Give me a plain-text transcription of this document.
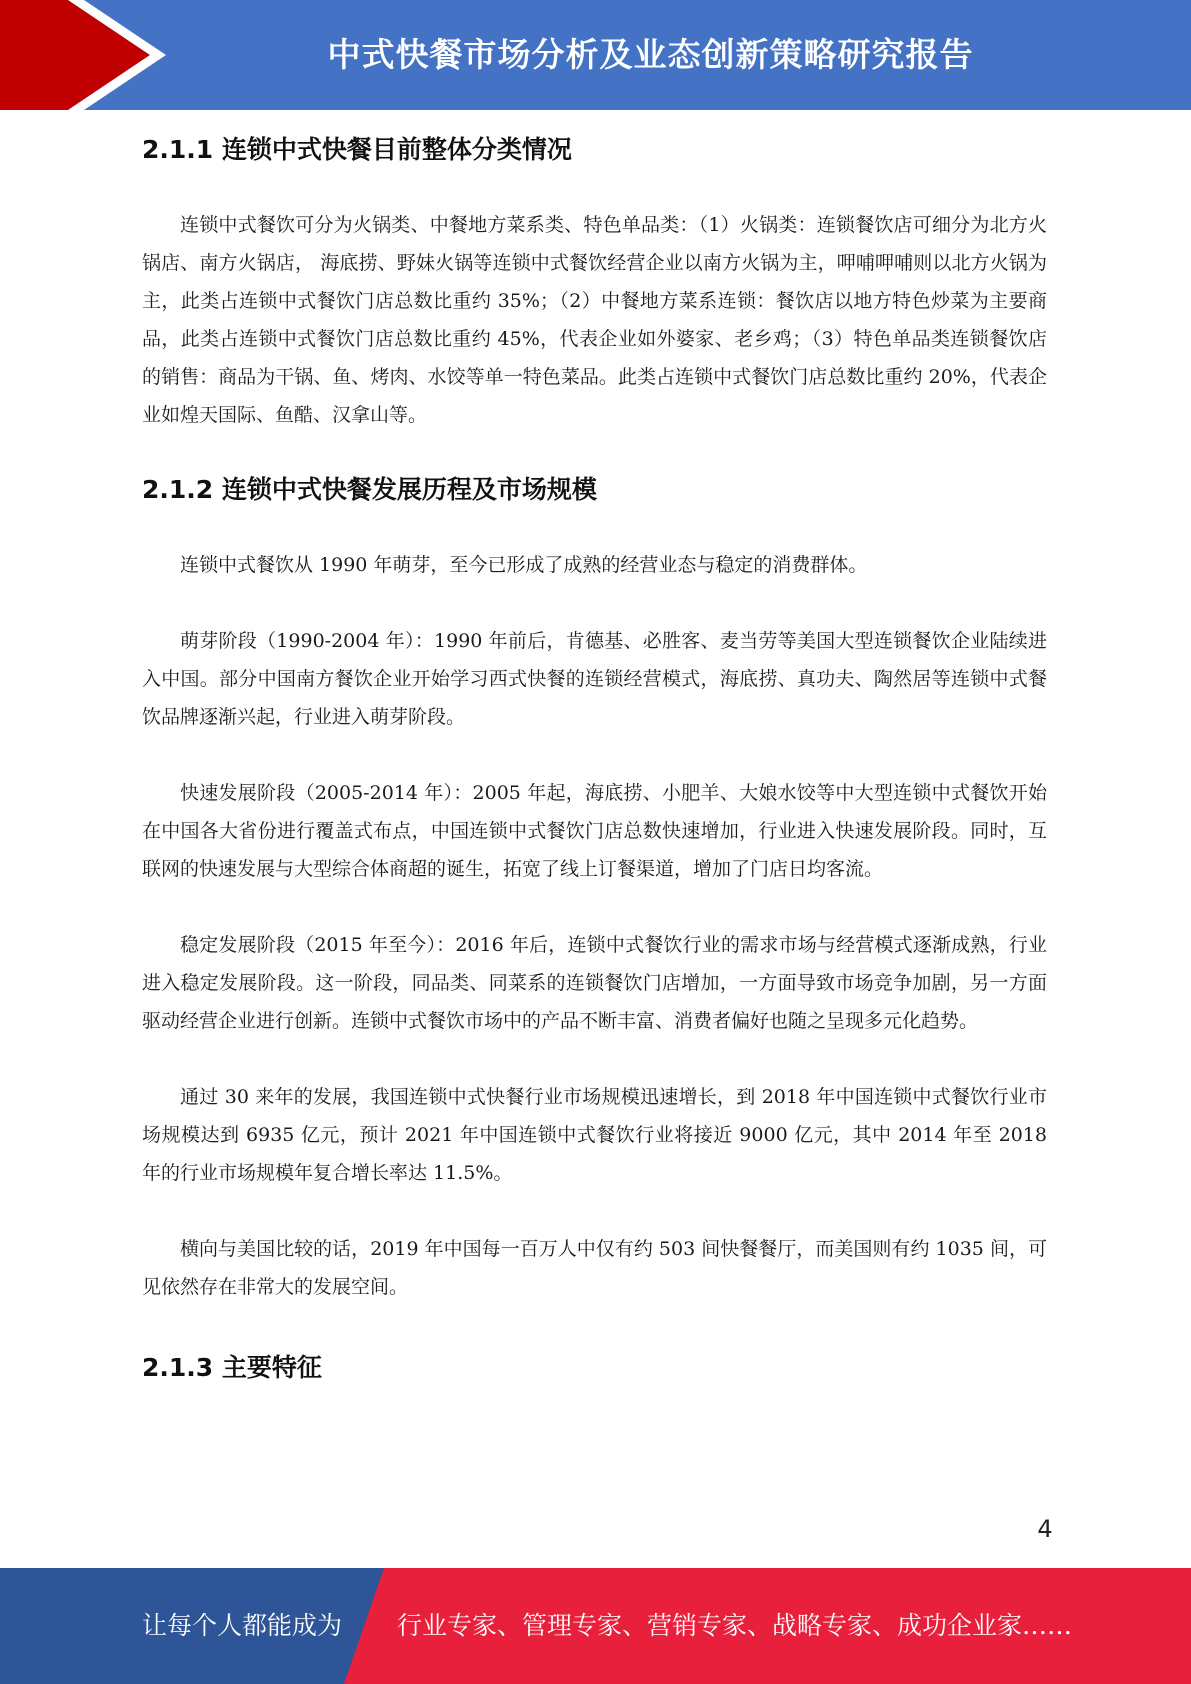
中式快餐市场分析及业态创新策略研究报告
2.1.1 连锁中式快餐目前整体分类情况

连锁中式餐饮可分为火锅类、中餐地方菜系类、特色单品类：（1）火锅类：连锁餐饮店可细分为北方火锅店、南方火锅店， 海底捞、野妹火锅等连锁中式餐饮经营企业以南方火锅为主，呷哺呷哺则以北方火锅为主，此类占连锁中式餐饮门店总数比重约 35%；（2）中餐地方菜系连锁：餐饮店以地方特色炒菜为主要商品，此类占连锁中式餐饮门店总数比重约 45%，代表企业如外婆家、老乡鸡；（3）特色单品类连锁餐饮店的销售：商品为干锅、鱼、烤肉、水饺等单一特色菜品。此类占连锁中式餐饮门店总数比重约 20%，代表企业如煌天国际、鱼酷、汉拿山等。

2.1.2 连锁中式快餐发展历程及市场规模

连锁中式餐饮从 1990 年萌芽，至今已形成了成熟的经营业态与稳定的消费群体。

萌芽阶段（1990-2004 年）：1990 年前后，肯德基、必胜客、麦当劳等美国大型连锁餐饮企业陆续进入中国。部分中国南方餐饮企业开始学习西式快餐的连锁经营模式，海底捞、真功夫、陶然居等连锁中式餐饮品牌逐渐兴起，行业进入萌芽阶段。

快速发展阶段（2005-2014 年）：2005 年起，海底捞、小肥羊、大娘水饺等中大型连锁中式餐饮开始在中国各大省份进行覆盖式布点，中国连锁中式餐饮门店总数快速增加，行业进入快速发展阶段。同时，互联网的快速发展与大型综合体商超的诞生，拓宽了线上订餐渠道，增加了门店日均客流。

稳定发展阶段（2015 年至今）：2016 年后，连锁中式餐饮行业的需求市场与经营模式逐渐成熟，行业进入稳定发展阶段。这一阶段，同品类、同菜系的连锁餐饮门店增加，一方面导致市场竞争加剧，另一方面驱动经营企业进行创新。连锁中式餐饮市场中的产品不断丰富、消费者偏好也随之呈现多元化趋势。

通过 30 来年的发展，我国连锁中式快餐行业市场规模迅速增长，到 2018 年中国连锁中式餐饮行业市场规模达到 6935 亿元，预计 2021 年中国连锁中式餐饮行业将接近 9000 亿元，其中 2014 年至 2018 年的行业市场规模年复合增长率达 11.5%。

横向与美国比较的话，2019 年中国每一百万人中仅有约 503 间快餐餐厅，而美国则有约 1035 间，可见依然存在非常大的发展空间。

2.1.3 主要特征
4
让每个人都能成为 行业专家、管理专家、营销专家、战略专家、成功企业家……
